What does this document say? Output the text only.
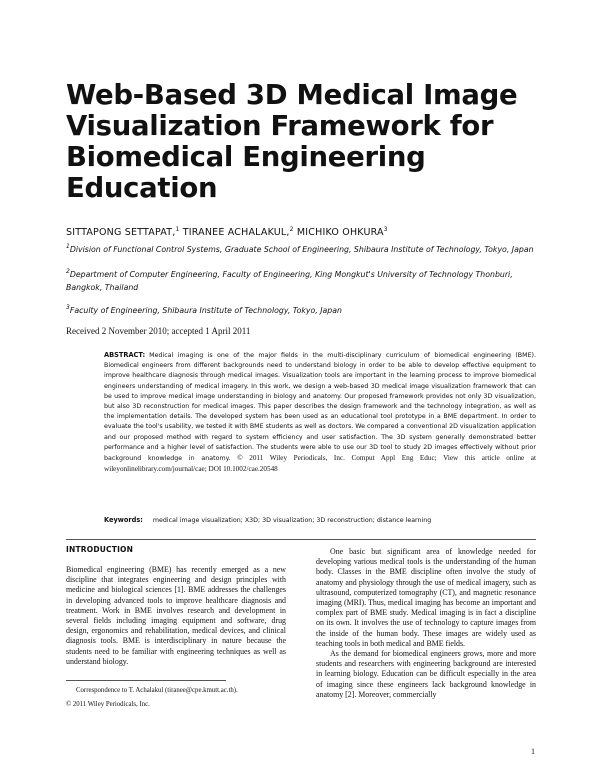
Web-Based 3D Medical Image
Visualization Framework for
Biomedical Engineering
Education
SITTAPONG SETTAPAT,$^1$ TIRANEE ACHALAKUL,$^2$ MICHIKO OHKURA$^3$
$^1$Division of Functional Control Systems, Graduate School of Engineering, Shibaura Institute of Technology, Tokyo, Japan
$^2$Department of Computer Engineering, Faculty of Engineering, King Mongkut's University of Technology Thonburi, Bangkok, Thailand
$^3$Faculty of Engineering, Shibaura Institute of Technology, Tokyo, Japan
Received 2 November 2010; accepted 1 April 2011
ABSTRACT: Medical imaging is one of the major fields in the multi-disciplinary curriculum of biomedical engineering (BME). Biomedical engineers from different backgrounds need to understand biology in order to be able to develop effective equipment to improve healthcare diagnosis through medical images. Visualization tools are important in the learning process to improve biomedical engineers understanding of medical imagery. In this work, we design a web-based 3D medical image visualization framework that can be used to improve medical image understanding in biology and anatomy. Our proposed framework provides not only 3D visualization, but also 3D reconstruction for medical images. This paper describes the design framework and the technology integration, as well as the implementation details. The developed system has been used as an educational tool prototype in a BME department. In order to evaluate the tool's usability, we tested it with BME students as well as doctors. We compared a conventional 2D visualization application and our proposed method with regard to system efficiency and user satisfaction. The 3D system generally demonstrated better performance and a higher level of satisfaction. The students were able to use our 3D tool to study 2D images effectively without prior background knowledge in anatomy. © 2011 Wiley Periodicals, Inc. Comput Appl Eng Educ; View this article online at wileyonlinelibrary.com/journal/cae; DOI 10.1002/cae.20548
Keywords: medical image visualization; X3D; 3D visualization; 3D reconstruction; distance learning
INTRODUCTION

Biomedical engineering (BME) has recently emerged as a new discipline that integrates engineering and design principles with medicine and biological sciences [1]. BME addresses the challenges in developing advanced tools to improve healthcare diagnosis and treatment. Work in BME involves research and development in several fields including imaging equipment and software, drug design, ergonomics and rehabilitation, medical devices, and clinical diagnosis tools. BME is interdisciplinary in nature because the students need to be familiar with engineering techniques as well as understand biology.

One basic but significant area of knowledge needed for developing various medical tools is the understanding of the human body. Classes in the BME discipline often involve the study of anatomy and physiology through the use of medical imagery, such as ultrasound, computerized tomography (CT), and magnetic resonance imaging (MRI). Thus, medical imaging has become an important and complex part of BME study. Medical imaging is in fact a discipline on its own. It involves the use of technology to capture images from the inside of the human body. These images are widely used as teaching tools in both medical and BME fields.

As the demand for biomedical engineers grows, more and more students and researchers with engineering background are interested in learning biology. Education can be difficult especially in the area of imaging since these engineers lack background knowledge in anatomy [2]. Moreover, commercially

Correspondence to T. Achalakul (tiranee@cpe.kmutt.ac.th).
© 2011 Wiley Periodicals, Inc.
1
